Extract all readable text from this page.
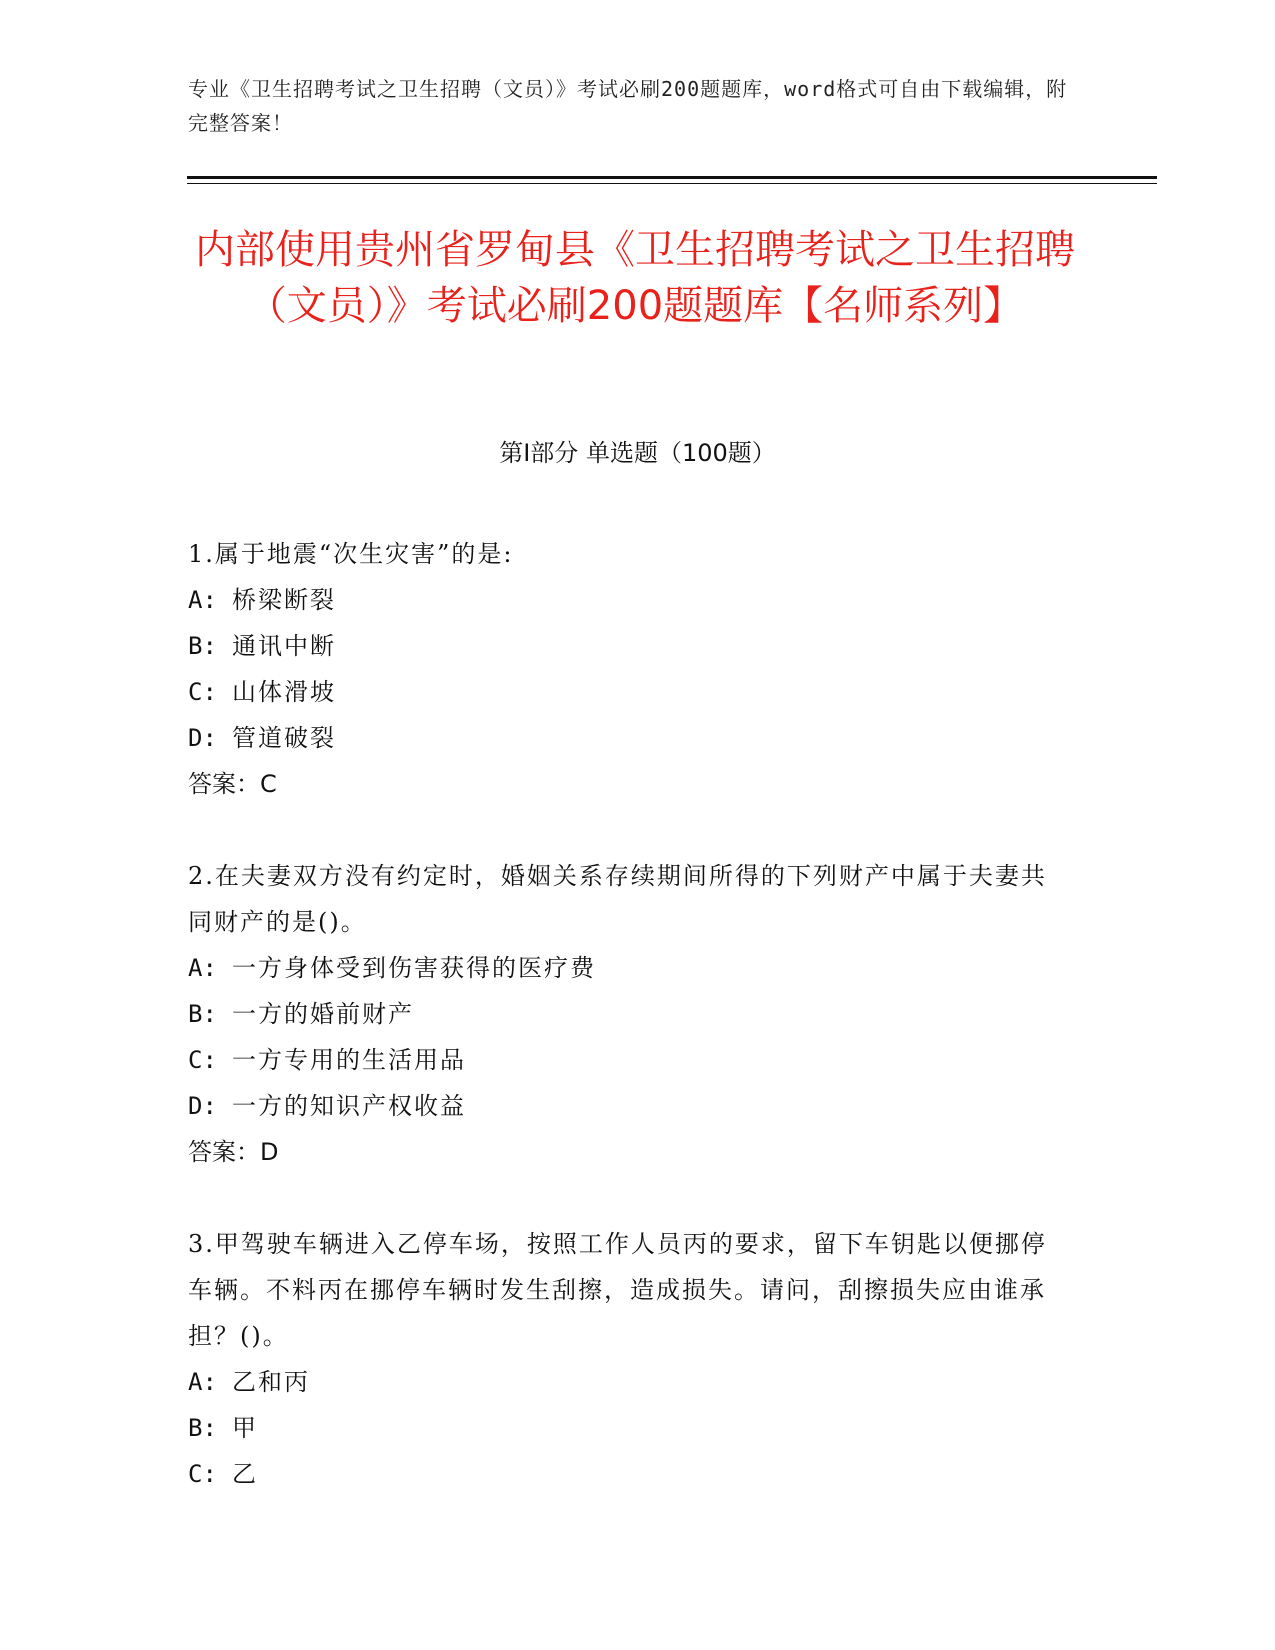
专业《卫生招聘考试之卫生招聘（文员）》考试必刷200题题库，word格式可自由下载编辑，附完整答案！
内部使用贵州省罗甸县《卫生招聘考试之卫生招聘（文员）》考试必刷200题题库【名师系列】
第I部分 单选题（100题）
1.属于地震“次生灾害”的是:
A: 桥梁断裂
B: 通讯中断
C: 山体滑坡
D: 管道破裂
答案：C
2.在夫妻双方没有约定时，婚姻关系存续期间所得的下列财产中属于夫妻共同财产的是()。
A: 一方身体受到伤害获得的医疗费
B: 一方的婚前财产
C: 一方专用的生活用品
D: 一方的知识产权收益
答案：D
3.甲驾驶车辆进入乙停车场，按照工作人员丙的要求，留下车钥匙以便挪停车辆。不料丙在挪停车辆时发生刮擦，造成损失。请问，刮擦损失应由谁承担？()。
A: 乙和丙
B: 甲
C: 乙
